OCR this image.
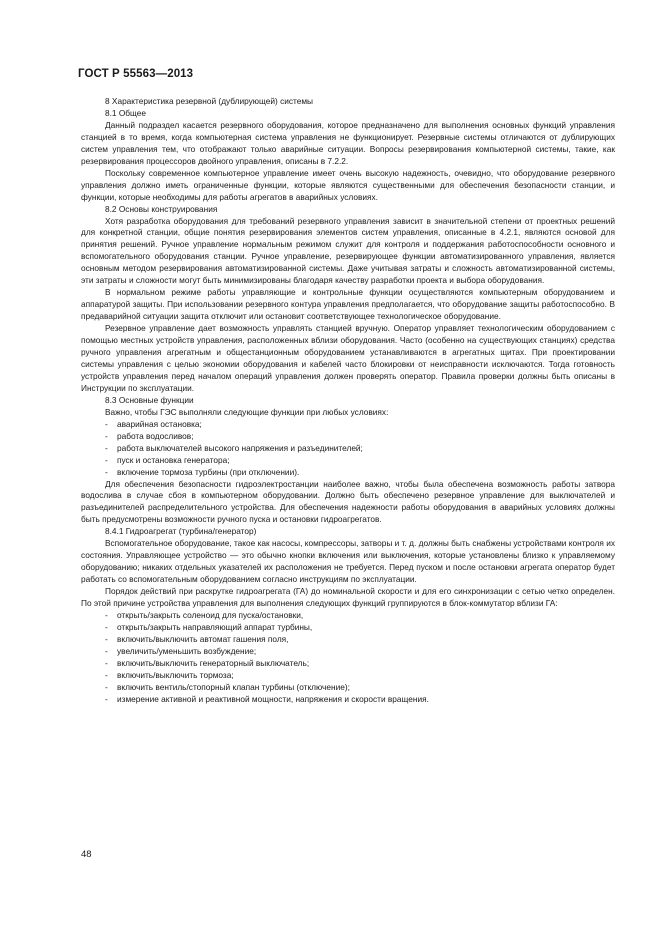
ГОСТ Р 55563—2013

8 Характеристика резервной (дублирующей) системы

8.1 Общее

Данный подраздел касается резервного оборудования, которое предназначено для выполнения основных функций управления станцией в то время, когда компьютерная система управления не функционирует. Резервные системы отличаются от дублирующих систем управления тем, что отображают только аварийные ситуации. Вопросы резервирования компьютерной системы, такие, как резервирования процессоров двойного управления, описаны в 7.2.2.

Поскольку современное компьютерное управление имеет очень высокую надежность, очевидно, что оборудование резервного управления должно иметь ограниченные функции, которые являются существенными для обеспечения безопасности станции, и функции, которые необходимы для работы агрегатов в аварийных условиях.

8.2 Основы конструирования

Хотя разработка оборудования для требований резервного управления зависит в значительной степени от проектных решений для конкретной станции, общие понятия резервирования элементов систем управления, описанные в 4.2.1, являются основой для принятия решений. Ручное управление нормальным режимом служит для контроля и поддержания работоспособности основного и вспомогательного оборудования станции. Ручное управление, резервирующее функции автоматизированного управления, является основным методом резервирования автоматизированной системы. Даже учитывая затраты и сложность автоматизированной системы, эти затраты и сложности могут быть минимизированы благодаря качеству разработки проекта и выбора оборудования.

В нормальном режиме работы управляющие и контрольные функции осуществляются компьютерным оборудованием и аппаратурой защиты. При использовании резервного контура управления предполагается, что оборудование защиты работоспособно. В предаварийной ситуации защита отключит или остановит соответствующее технологическое оборудование.

Резервное управление дает возможность управлять станцией вручную. Оператор управляет технологическим оборудованием с помощью местных устройств управления, расположенных вблизи оборудования. Часто (особенно на существующих станциях) средства ручного управления агрегатным и общестанционным оборудованием устанавливаются в агрегатных щитах. При проектировании системы управления с целью экономии оборудования и кабелей часто блокировки от неисправности исключаются. Тогда готовность устройств управления перед началом операций управления должен проверять оператор. Правила проверки должны быть описаны в Инструкции по эксплуатации.

8.3 Основные функции

Важно, чтобы ГЭС выполняли следующие функции при любых условиях:

- аварийная остановка;
- работа водосливов;
- работа выключателей высокого напряжения и разъединителей;
- пуск и остановка генератора;
- включение тормоза турбины (при отключении).

Для обеспечения безопасности гидроэлектростанции наиболее важно, чтобы была обеспечена возможность работы затвора водослива в случае сбоя в компьютерном оборудовании. Должно быть обеспечено резервное управление для выключателей и разъединителей распределительного устройства. Для обеспечения надежности работы оборудования в аварийных условиях должны быть предусмотрены возможности ручного пуска и остановки гидроагрегатов.

8.4.1 Гидроагрегат (турбина/генератор)

Вспомогательное оборудование, такое как насосы, компрессоры, затворы и т. д. должны быть снабжены устройствами контроля их состояния. Управляющее устройство — это обычно кнопки включения или выключения, которые установлены близко к управляемому оборудованию; никаких отдельных указателей их расположения не требуется. Перед пуском и после остановки агрегата оператор будет работать со вспомогательным оборудованием согласно инструкциям по эксплуатации.

Порядок действий при раскрутке гидроагрегата (ГА) до номинальной скорости и для его синхронизации с сетью четко определен. По этой причине устройства управления для выполнения следующих функций группируются в блок-коммутатор вблизи ГА:

- открыть/закрыть соленоид для пуска/остановки,
- открыть/закрыть направляющий аппарат турбины,
- включить/выключить автомат гашения поля,
- увеличить/уменьшить возбуждение;
- включить/выключить генераторный выключатель;
- включить/выключить тормоза;
- включить вентиль/стопорный клапан турбины (отключение);
- измерение активной и реактивной мощности, напряжения и скорости вращения.
48
